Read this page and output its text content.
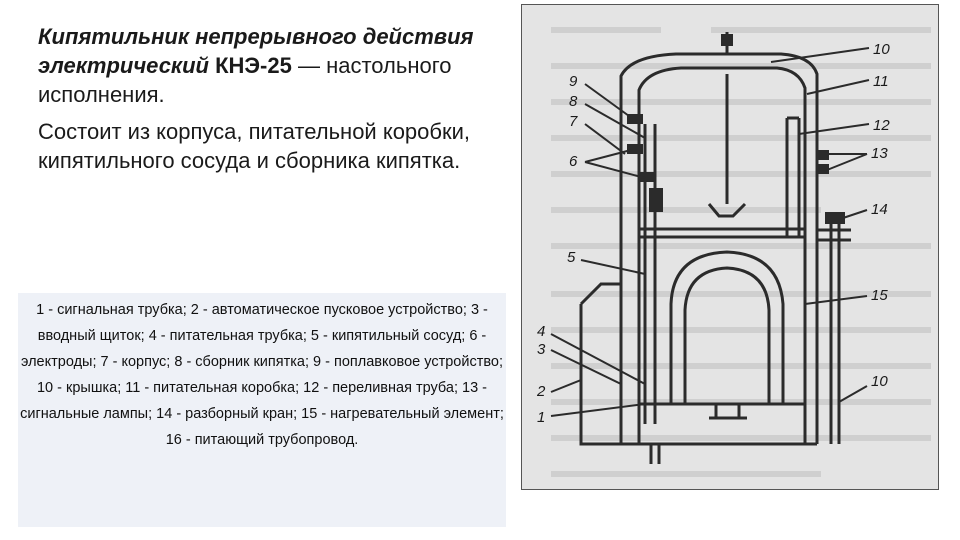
Кипятильник непрерывного действия электрический КНЭ-25 — настольного исполнения.

Состоит из корпуса, питательной коробки, кипятильного сосуда и сборника кипятка.

1 - сигнальная трубка; 2 - автоматическое пусковое устройство; 3 - вводный щиток; 4 - питательная трубка; 5 - кипятильный сосуд; 6 - электроды; 7 - корпус; 8 - сборник кипятка; 9 - поплавковое устройство; 10 - крышка; 11 - питательная коробка; 12 - переливная труба; 13 - сигнальные лампы; 14 - разборный кран; 15 - нагревательный элемент; 16 - питающий трубопровод.
10
11
12
13
14
15
10
9
8
7
6
5
4
3
2
1
